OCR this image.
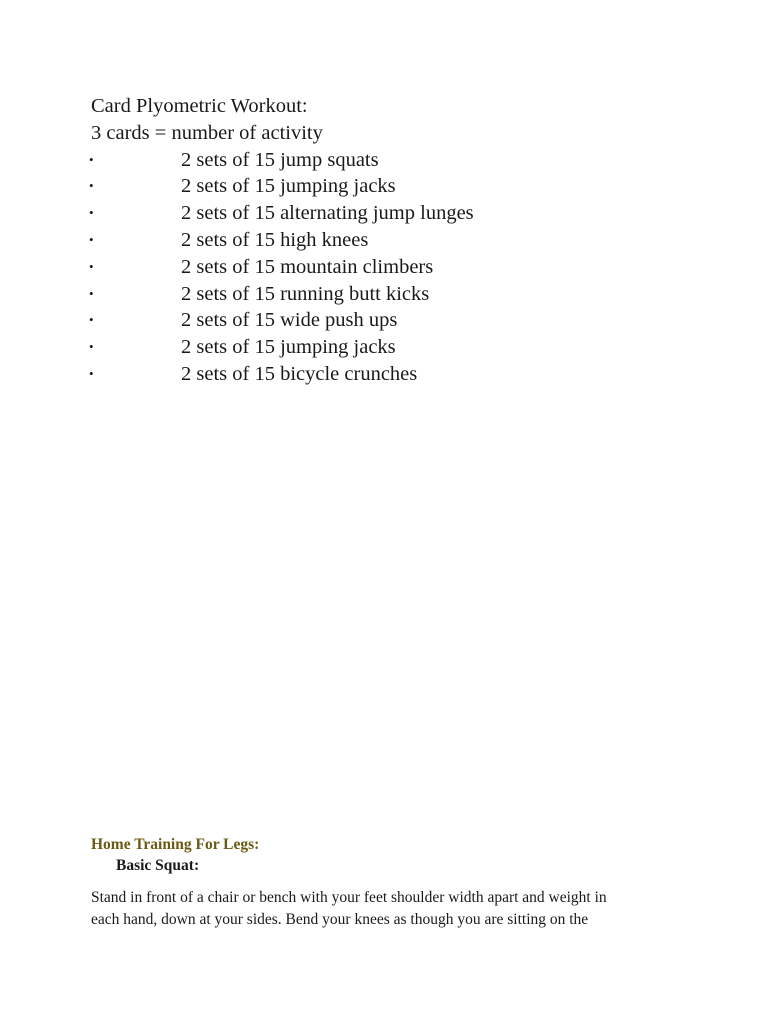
Card Plyometric Workout:
3 cards = number of activity
•	2 sets of 15 jump squats
•	2 sets of 15 jumping jacks
•	2 sets of 15 alternating jump lunges
•	2 sets of 15 high knees
•	2 sets of 15 mountain climbers
•	2 sets of 15 running butt kicks
•	2 sets of 15 wide push ups
•	2 sets of 15 jumping jacks
•	2 sets of 15 bicycle crunches
Home Training For Legs:
Basic Squat:
Stand in front of a chair or bench with your feet shoulder width apart and weight in
each hand, down at your sides. Bend your knees as though you are sitting on the
